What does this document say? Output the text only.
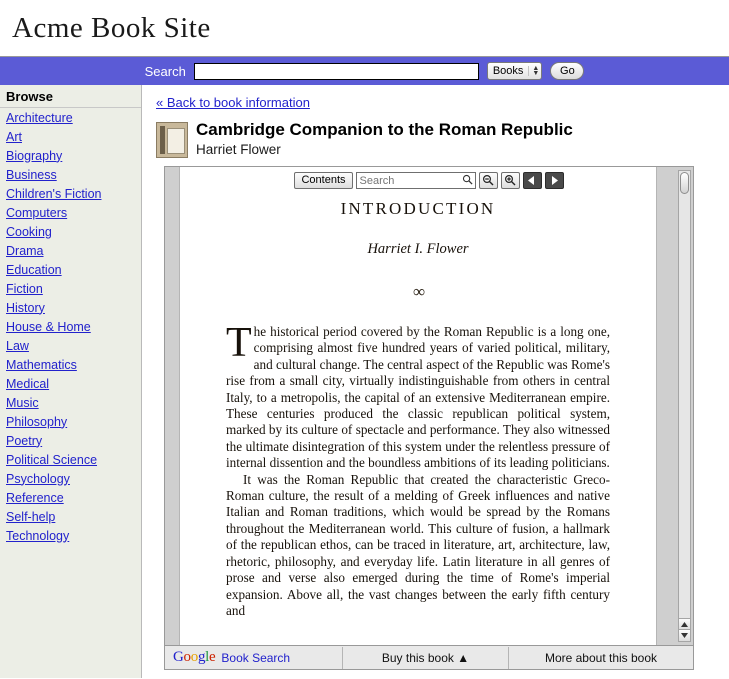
Acme Book Site
Search	Books ▲
▼	Go
Browse
Architecture
Art
Biography
Business
Children's Fiction
Computers
Cooking
Drama
Education
Fiction
History
House & Home
Law
Mathematics
Medical
Music
Philosophy
Poetry
Political Science
Psychology
Reference
Self-help
Technology
« Back to book information
Cambridge Companion to the Roman Republic
Harriet Flower
INTRODUCTION
Harriet I. Flower
∞

The historical period covered by the Roman Republic is a long one, comprising almost five hundred years of varied political, military, and cultural change. The central aspect of the Republic was Rome's rise from a small city, virtually indistinguishable from others in central Italy, to a metropolis, the capital of an extensive Mediterranean empire. These centuries produced the classic republican political system, marked by its culture of spectacle and performance. They also witnessed the ultimate disintegration of this system under the relentless pressure of internal dissention and the boundless ambitions of its leading politicians.

It was the Roman Republic that created the characteristic Greco-Roman culture, the result of a melding of Greek influences and native Italian and Roman traditions, which would be spread by the Romans throughout the Mediterranean world. This culture of fusion, a hallmark of the republican ethos, can be traced in literature, art, architecture, law, rhetoric, philosophy, and everyday life. Latin literature in all genres of prose and verse also emerged during the time of Rome's imperial expansion. Above all, the vast changes between the early fifth century and

Contents
Search
Google Book Search	Buy this book ▲	More about this book
